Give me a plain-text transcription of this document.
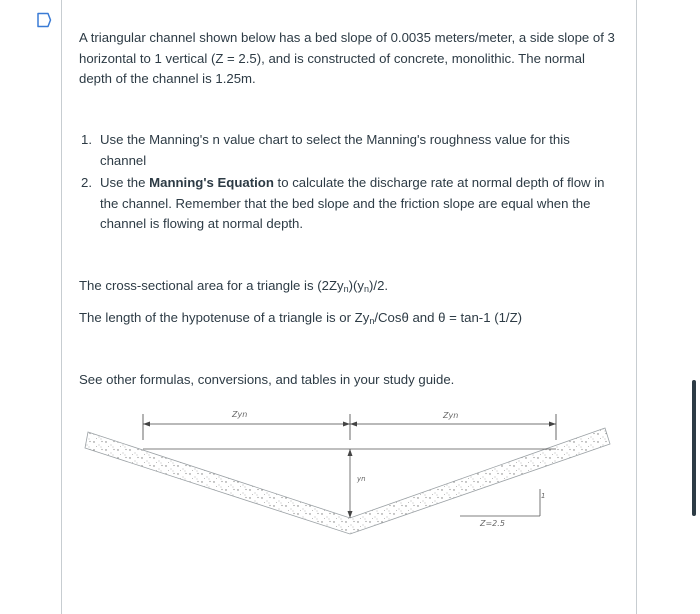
A triangular channel shown below has a bed slope of 0.0035 meters/meter, a side slope of 3 horizontal to 1 vertical (Z = 2.5), and is constructed of concrete, monolithic. The normal depth of the channel is 1.25m.

1. Use the Manning's n value chart to select the Manning's roughness value for this channel
2. Use the Manning's Equation to calculate the discharge rate at normal depth of flow in the channel. Remember that the bed slope and the friction slope are equal when the channel is flowing at normal depth.

The cross-sectional area for a triangle is $(2Zy_n)(y_n)/2$.

The length of the hypotenuse of a triangle is or $Zy_n$/Cosθ and θ = tan-1 (1/Z)

See other formulas, conversions, and tables in your study guide.

Zyn	Zyn
yn
1
Z=2.5
